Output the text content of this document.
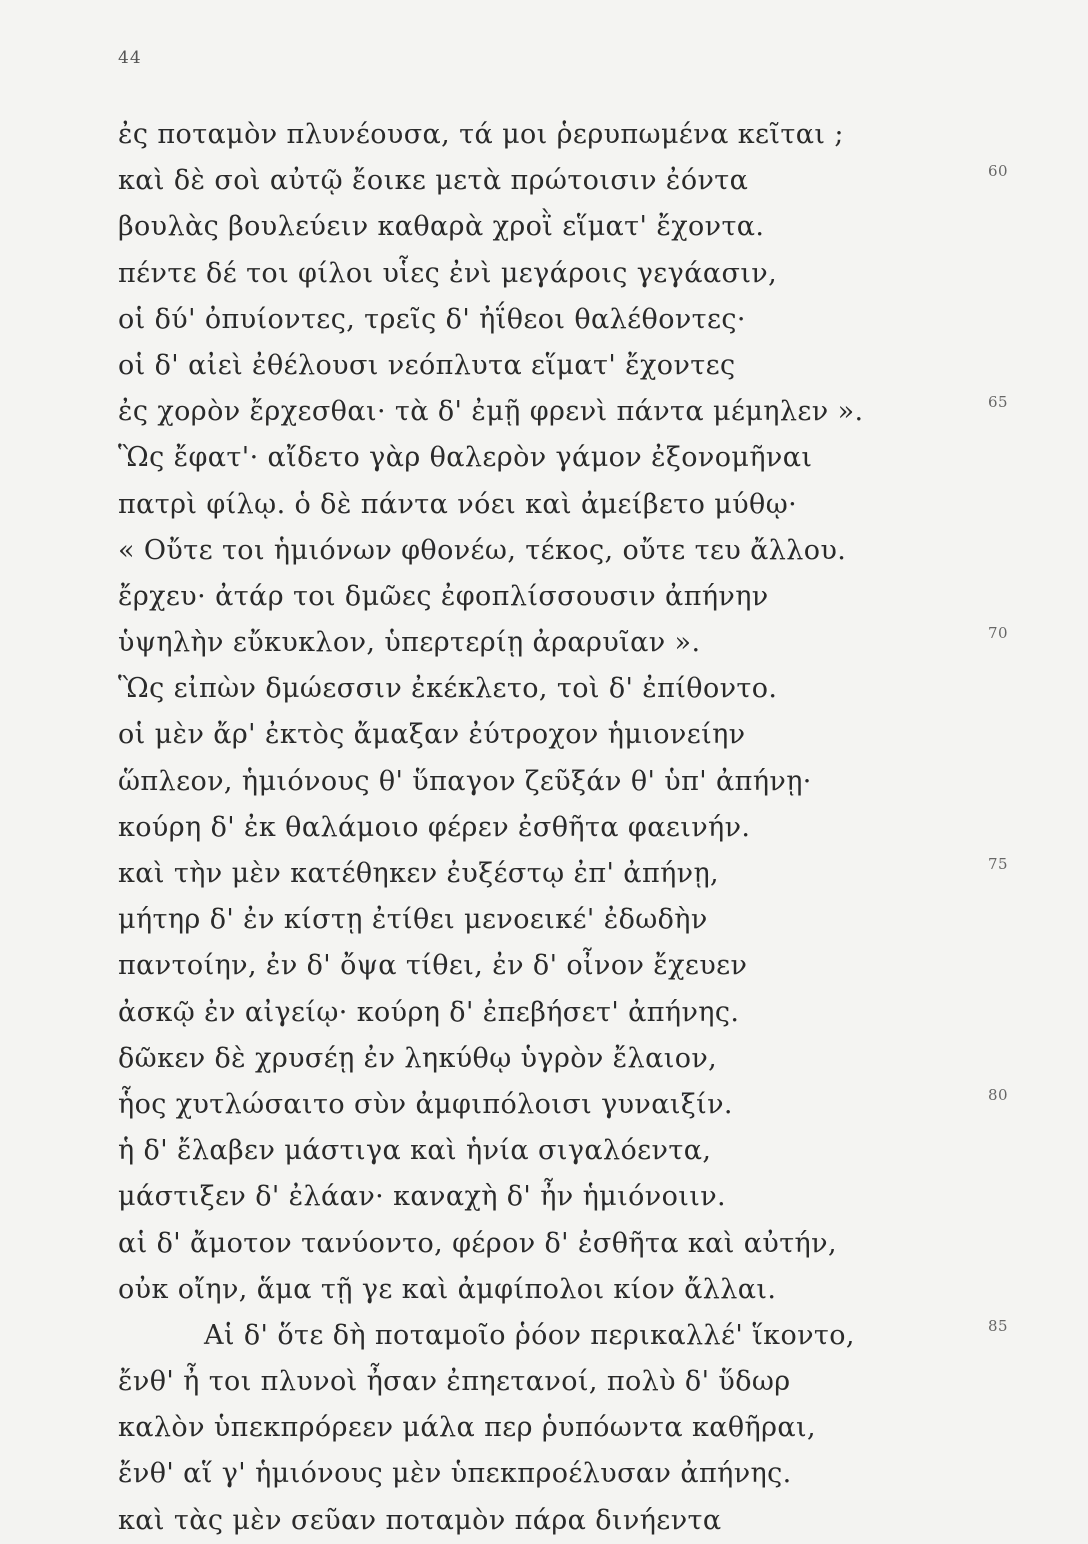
44
ἐς ποταμὸν πλυνέουσα, τά μοι ῥερυπωμένα κεῖται ;
καὶ δὲ σοὶ αὐτῷ ἔοικε μετὰ πρώτοισιν ἐόντα	60
βουλὰς βουλεύειν καθαρὰ χροῒ εἵματ' ἔχοντα.
πέντε δέ τοι φίλοι υἷες ἐνὶ μεγάροις γεγάασιν,
οἱ δύ' ὀπυίοντες, τρεῖς δ' ἠΐθεοι θαλέθοντες·
οἱ δ' αἰεὶ ἐθέλουσι νεόπλυτα εἵματ' ἔχοντες
ἐς χορὸν ἔρχεσθαι· τὰ δ' ἐμῇ φρενὶ πάντα μέμηλεν ».	65
Ὣς ἔφατ'· αἴδετο γὰρ θαλερὸν γάμον ἐξονομῆναι
πατρὶ φίλῳ. ὁ δὲ πάντα νόει καὶ ἀμείβετο μύθῳ·
« Οὔτε τοι ἡμιόνων φθονέω, τέκος, οὔτε τευ ἄλλου.
ἔρχευ· ἀτάρ τοι δμῶες ἐφοπλίσσουσιν ἀπήνην
ὑψηλὴν εὔκυκλον, ὑπερτερίῃ ἀραρυῖαν ».	70
Ὣς εἰπὼν δμώεσσιν ἐκέκλετο, τοὶ δ' ἐπίθοντο.
οἱ μὲν ἄρ' ἐκτὸς ἄμαξαν ἐύτροχον ἡμιονείην
ὥπλεον, ἡμιόνους θ' ὕπαγον ζεῦξάν θ' ὑπ' ἀπήνῃ·
κούρη δ' ἐκ θαλάμοιο φέρεν ἐσθῆτα φαεινήν.
καὶ τὴν μὲν κατέθηκεν ἐυξέστῳ ἐπ' ἀπήνῃ,	75
μήτηρ δ' ἐν κίστῃ ἐτίθει μενοεικέ' ἐδωδὴν
παντοίην, ἐν δ' ὄψα τίθει, ἐν δ' οἶνον ἔχευεν
ἀσκῷ ἐν αἰγείῳ· κούρη δ' ἐπεβήσετ' ἀπήνης.
δῶκεν δὲ χρυσέῃ ἐν ληκύθῳ ὑγρὸν ἔλαιον,
ἧος χυτλώσαιτο σὺν ἀμφιπόλοισι γυναιξίν.	80
ἡ δ' ἔλαβεν μάστιγα καὶ ἡνία σιγαλόεντα,
μάστιξεν δ' ἐλάαν· καναχὴ δ' ἦν ἡμιόνοιιν.
αἱ δ' ἄμοτον τανύοντο, φέρον δ' ἐσθῆτα καὶ αὐτήν,
οὐκ οἴην, ἅμα τῇ γε καὶ ἀμφίπολοι κίον ἄλλαι.
Αἱ δ' ὅτε δὴ ποταμοῖο ῥόον περικαλλέ' ἵκοντο,	85
ἔνθ' ἦ τοι πλυνοὶ ἦσαν ἐπηετανοί, πολὺ δ' ὕδωρ
καλὸν ὑπεκπρόρεεν μάλα περ ῥυπόωντα καθῆραι,
ἔνθ' αἵ γ' ἡμιόνους μὲν ὑπεκπροέλυσαν ἀπήνης.
καὶ τὰς μὲν σεῦαν ποταμὸν πάρα δινήεντα
